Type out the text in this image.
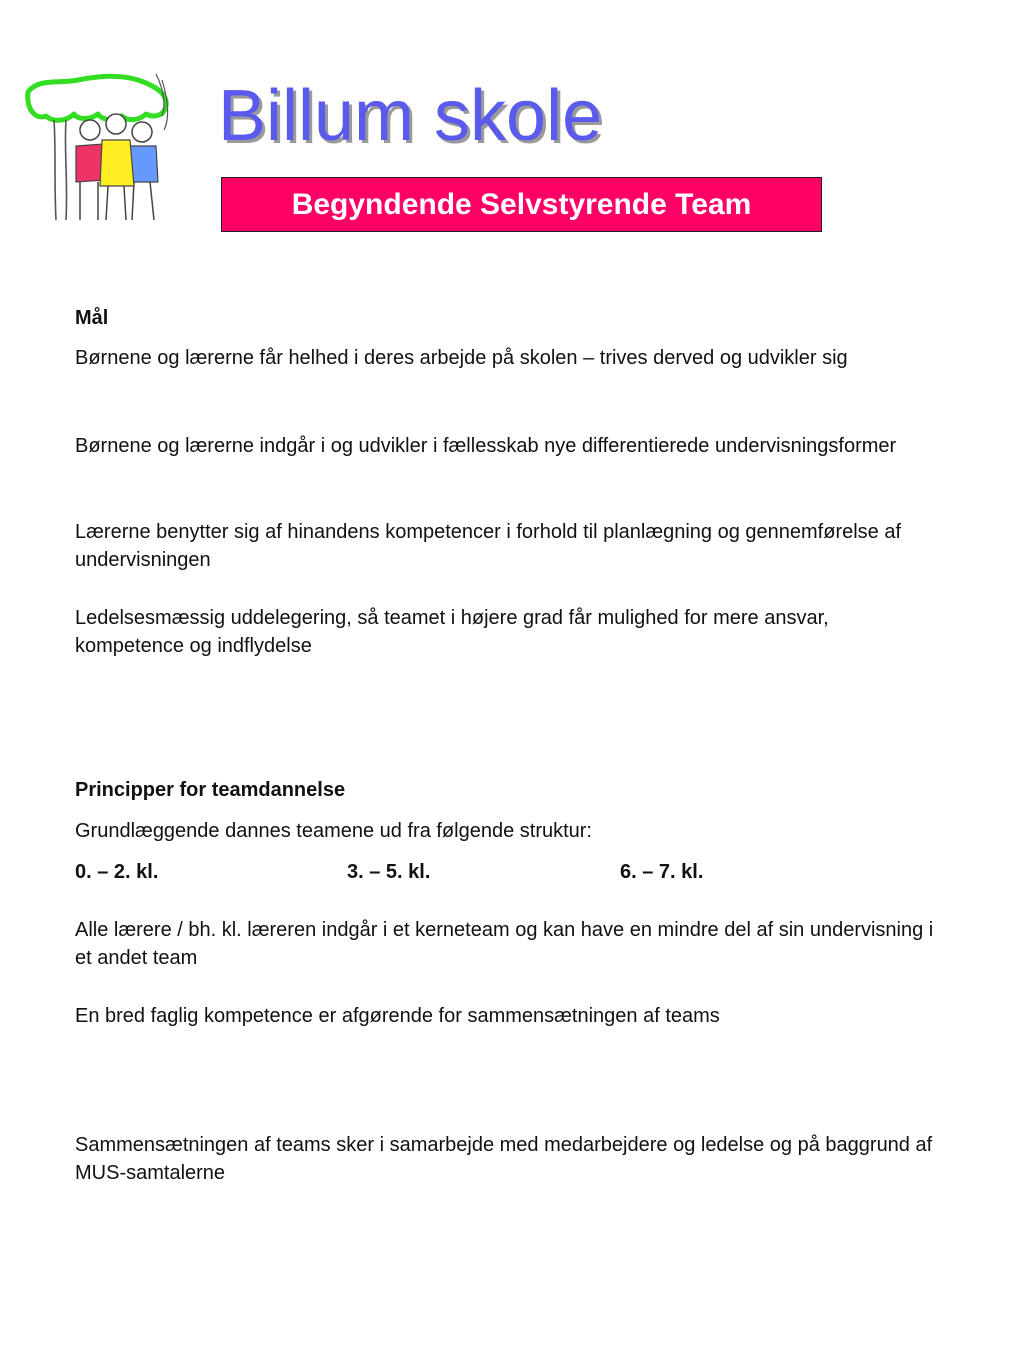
Billum skole
Begyndende Selvstyrende Team

Mål

Børnene og lærerne får helhed i deres arbejde på skolen – trives derved og udvikler sig

Børnene og lærerne indgår i og udvikler i fællesskab nye differentierede undervisningsformer

Lærerne benytter sig af hinandens kompetencer i forhold til planlægning og gennemførelse af undervisningen

Ledelsesmæssig uddelegering, så teamet i højere grad får mulighed for mere ansvar, kompetence og indflydelse

Principper for teamdannelse

Grundlæggende dannes teamene ud fra følgende struktur:

0. – 2. kl.	3. – 5. kl.	6. – 7. kl.

Alle lærere / bh. kl. læreren indgår i et kerneteam og kan have en mindre del af sin undervisning i et andet team

En bred faglig kompetence er afgørende for sammensætningen af teams

Sammensætningen af teams sker i samarbejde med medarbejdere og ledelse og på baggrund af MUS-samtalerne
